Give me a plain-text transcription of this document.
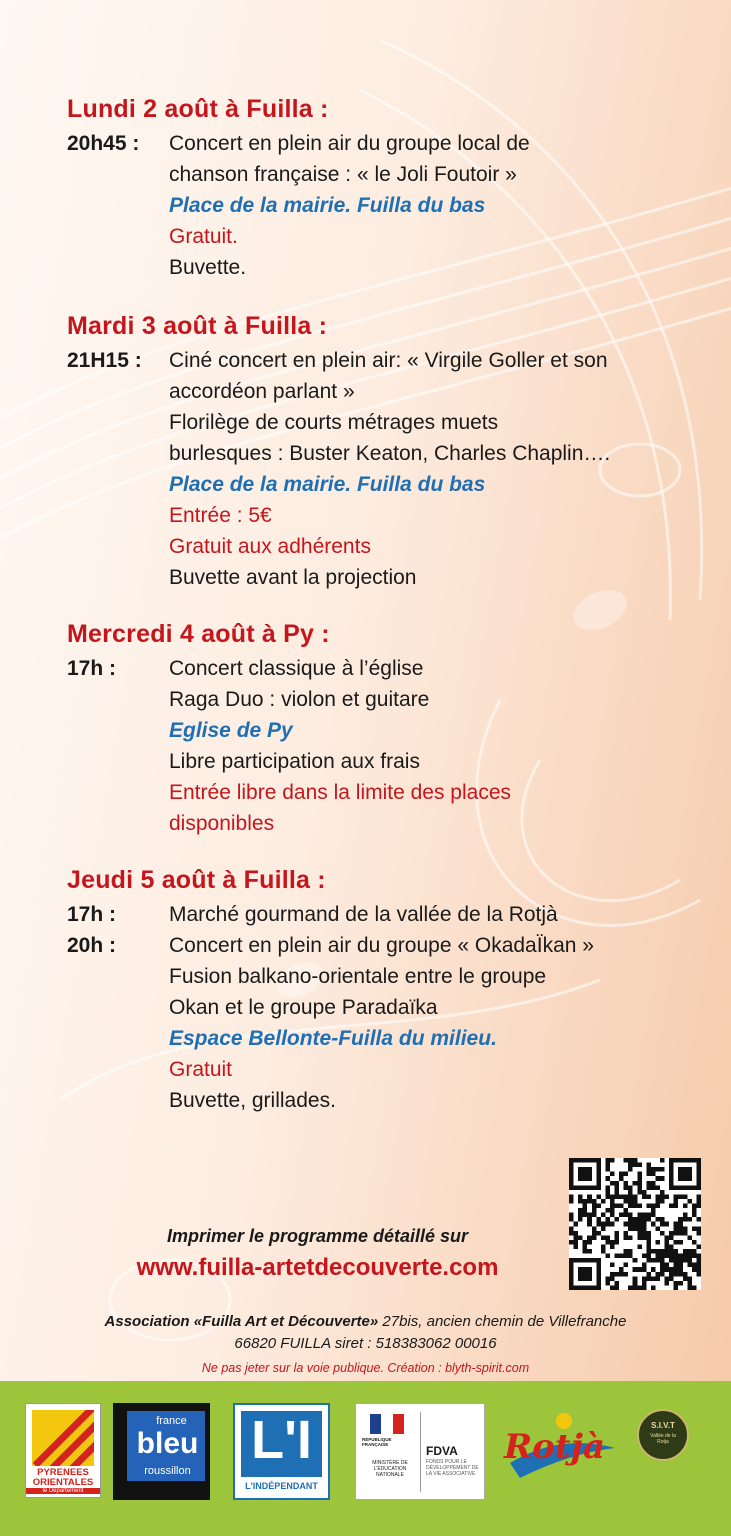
Lundi 2 août à Fuilla :
20h45 :	Concert en plein air du groupe local de
chanson française : « le Joli Foutoir »
Place de la mairie. Fuilla du bas
Gratuit.
Buvette.
Mardi 3 août à Fuilla :
21H15 :	Ciné concert en plein air: « Virgile Goller et son
accordéon parlant »
Florilège de courts métrages muets
burlesques : Buster Keaton, Charles Chaplin….
Place de la mairie. Fuilla du bas
Entrée : 5€
Gratuit aux adhérents
Buvette avant la projection
Mercredi 4 août à Py :
17h :	Concert classique à l’église
Raga Duo : violon et guitare
Eglise de Py
Libre participation aux frais
Entrée libre dans la limite des places
disponibles
Jeudi 5 août à Fuilla :
17h :	Marché gourmand de la vallée de la Rotjà
20h :	Concert en plein air du groupe « OkadaÏkan »
Fusion balkano-orientale entre le groupe
Okan et le groupe Paradaïka
Espace Bellonte-Fuilla du milieu.
Gratuit
Buvette, grillades.
Imprimer le programme détaillé sur
www.fuilla-artetdecouverte.com
Association «Fuilla Art et Découverte» 27bis, ancien chemin de Villefranche
66820 FUILLA siret : 518383062 00016
Ne pas jeter sur la voie publique. Création : blyth-spirit.com
PYRENEES ORIENTALES
le Département
france
bleu
roussillon
L'I
L'INDÉPENDANT
RÉPUBLIQUE FRANÇAISE
MINISTÈRE DE L'ÉDUCATION NATIONALE
FDVA
FONDS POUR LE DÉVELOPPEMENT DE LA VIE ASSOCIATIVE
Rotjà
S.I.V.T
Vallée de la Rotja
